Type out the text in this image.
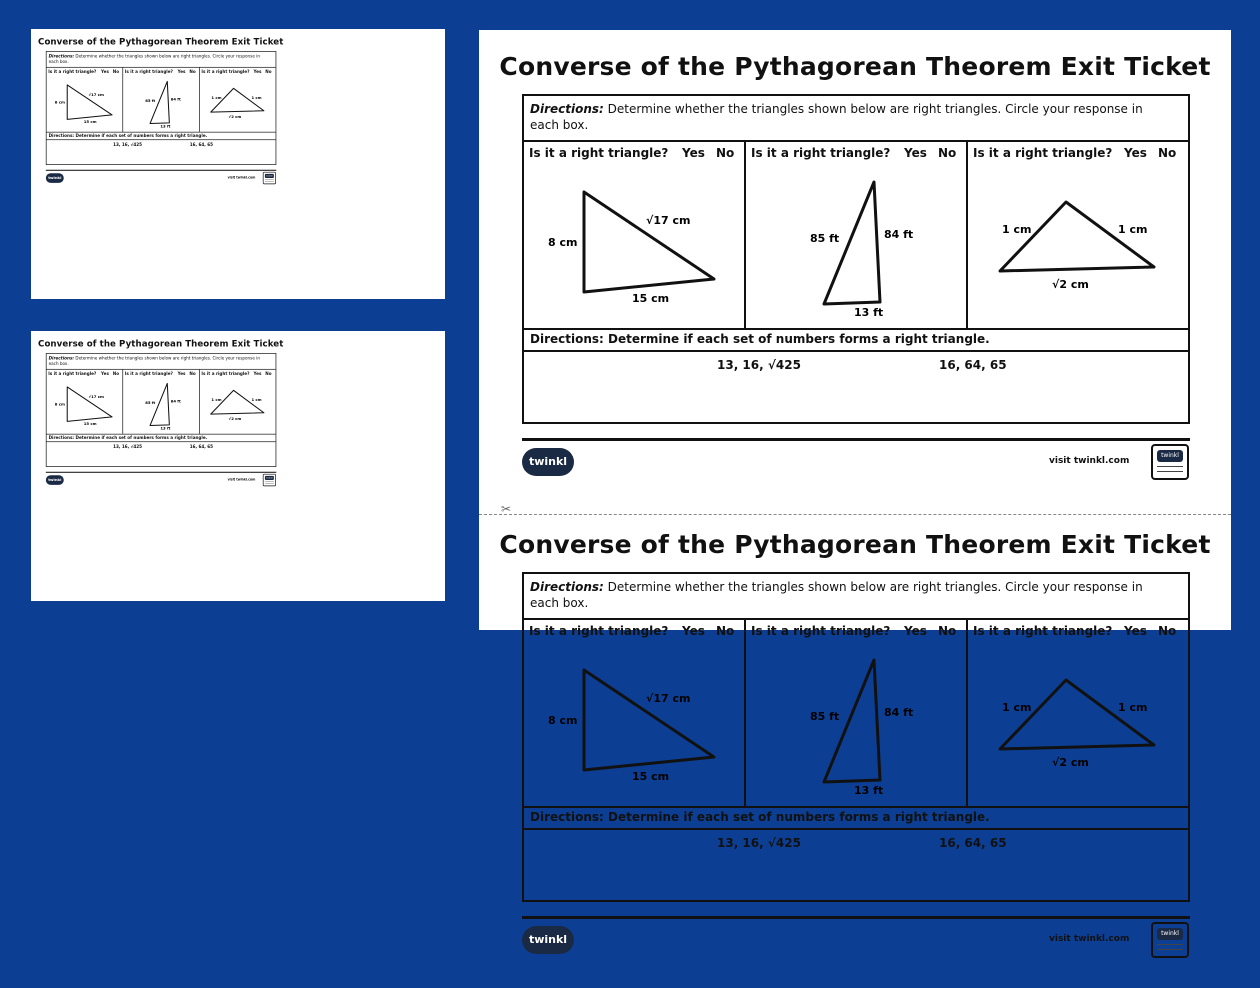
Converse of the Pythagorean Theorem Exit Ticket
Directions: Determine whether the triangles shown below are right triangles. Circle your response in each box.
Is it a right triangle? Yes No
8 cm
15 cm
√17 cm
Is it a right triangle? Yes No
85 ft 84 ft
13 ft
Is it a right triangle? Yes No
1 cm	1 cm
√2 cm
Directions: Determine if each set of numbers forms a right triangle.
13, 16, √425	16, 64, 65
twinkl	visit twinkl.com
twinkl
Converse of the Pythagorean Theorem Exit Ticket
Directions: Determine whether the triangles shown below are right triangles. Circle your response in each box.
Is it a right triangle? Yes No
8 cm
15 cm
√17 cm
Is it a right triangle? Yes No
85 ft 84 ft
13 ft
Is it a right triangle? Yes No
1 cm	1 cm
√2 cm
Directions: Determine if each set of numbers forms a right triangle.
13, 16, √425	16, 64, 65
twinkl	visit twinkl.com
twinkl
Converse of the Pythagorean Theorem Exit Ticket
Directions: Determine whether the triangles shown below are right triangles. Circle your response in each box.
Is it a right triangle? Yes No
8 cm
15 cm
√17 cm
Is it a right triangle? Yes No
85 ft	84 ft
13 ft
Is it a right triangle? Yes No
1 cm	1 cm
√2 cm
Directions: Determine if each set of numbers forms a right triangle.
13, 16, √425	16, 64, 65
twinkl	visit twinkl.com
twinkl
✂
Converse of the Pythagorean Theorem Exit Ticket
Directions: Determine whether the triangles shown below are right triangles. Circle your response in each box.
Is it a right triangle? Yes No
8 cm
15 cm
√17 cm
Is it a right triangle? Yes No
85 ft	84 ft
13 ft
Is it a right triangle? Yes No
1 cm	1 cm
√2 cm
Directions: Determine if each set of numbers forms a right triangle.
13, 16, √425	16, 64, 65
twinkl	visit twinkl.com
twinkl
